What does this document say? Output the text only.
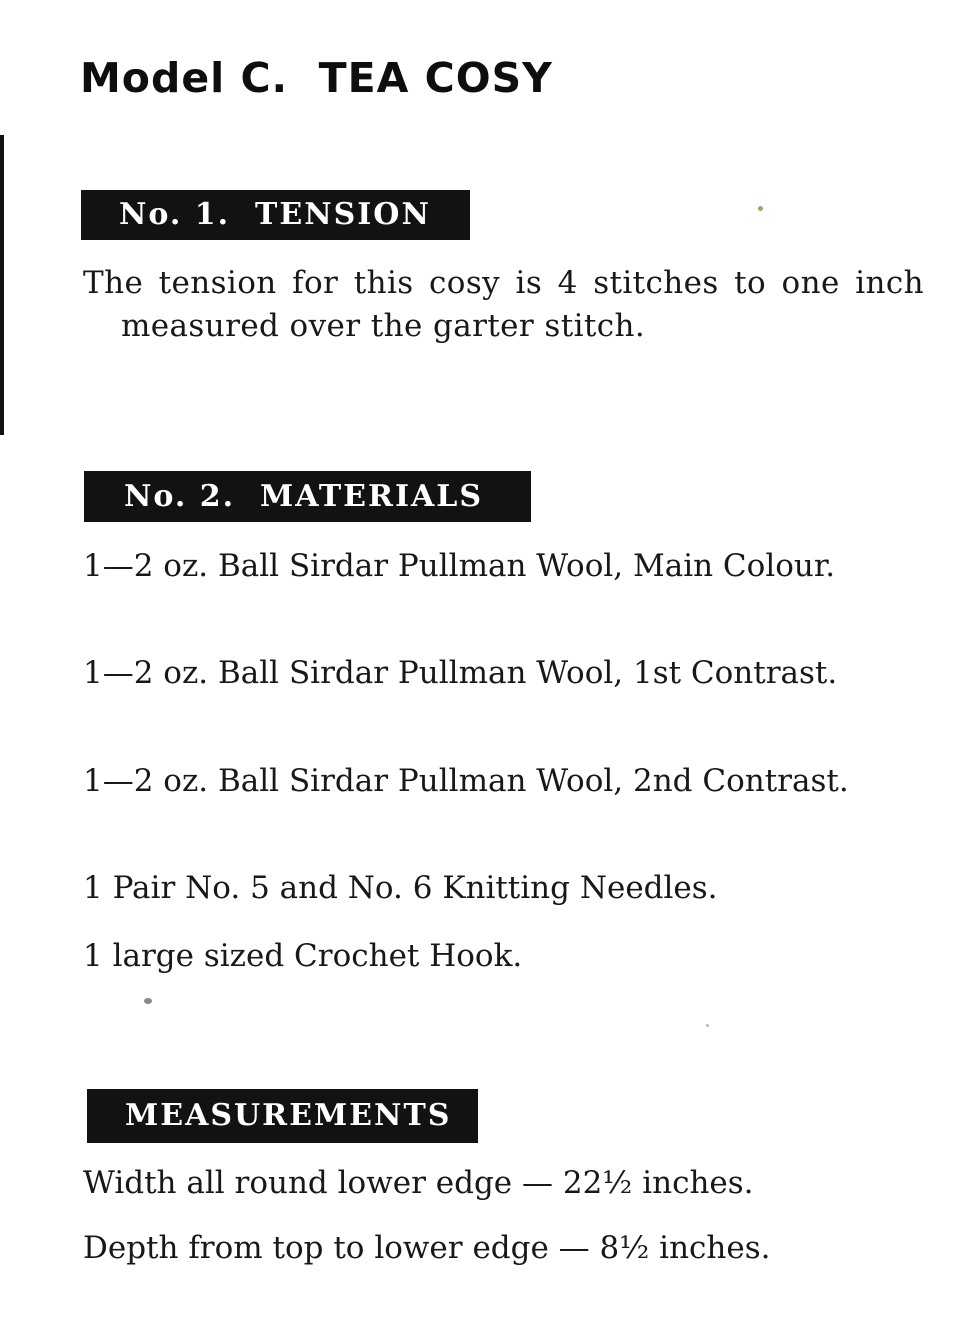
Model C.  TEA COSY
No. 1.  TENSION

The tension for this cosy is 4 stitches to one inch measured over the garter stitch.

No. 2.  MATERIALS

1—2 oz. Ball Sirdar Pullman Wool, Main Colour.

1—2 oz. Ball Sirdar Pullman Wool, 1st Contrast.

1—2 oz. Ball Sirdar Pullman Wool, 2nd Contrast.

1 Pair No. 5 and No. 6 Knitting Needles.

1 large sized Crochet Hook.

MEASUREMENTS

Width all round lower edge — 22½ inches.

Depth from top to lower edge — 8½ inches.
